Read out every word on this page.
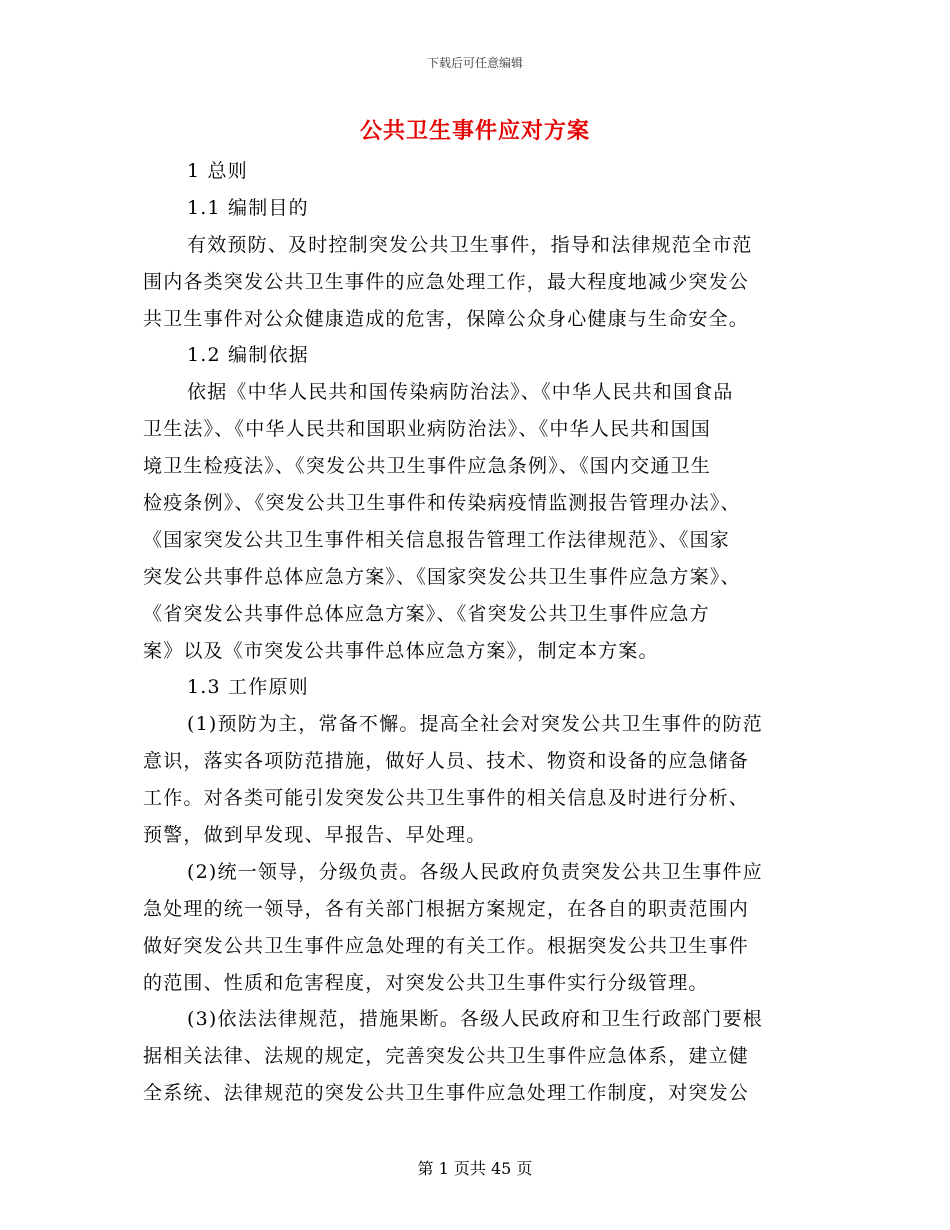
下载后可任意编辑
公共卫生事件应对方案
1 总则
1.1 编制目的
有效预防、及时控制突发公共卫生事件，指导和法律规范全市范
围内各类突发公共卫生事件的应急处理工作，最大程度地减少突发公
共卫生事件对公众健康造成的危害，保障公众身心健康与生命安全。
1.2 编制依据
依据《中华人民共和国传染病防治法》、《中华人民共和国食品
卫生法》、《中华人民共和国职业病防治法》、《中华人民共和国国
境卫生检疫法》、《突发公共卫生事件应急条例》、《国内交通卫生
检疫条例》、《突发公共卫生事件和传染病疫情监测报告管理办法》、
《国家突发公共卫生事件相关信息报告管理工作法律规范》、《国家
突发公共事件总体应急方案》、《国家突发公共卫生事件应急方案》、
《省突发公共事件总体应急方案》、《省突发公共卫生事件应急方
案》以及《市突发公共事件总体应急方案》，制定本方案。
1.3 工作原则
(1)预防为主，常备不懈。提高全社会对突发公共卫生事件的防范
意识，落实各项防范措施，做好人员、技术、物资和设备的应急储备
工作。对各类可能引发突发公共卫生事件的相关信息及时进行分析、
预警，做到早发现、早报告、早处理。
(2)统一领导，分级负责。各级人民政府负责突发公共卫生事件应
急处理的统一领导，各有关部门根据方案规定，在各自的职责范围内
做好突发公共卫生事件应急处理的有关工作。根据突发公共卫生事件
的范围、性质和危害程度，对突发公共卫生事件实行分级管理。
(3)依法法律规范，措施果断。各级人民政府和卫生行政部门要根
据相关法律、法规的规定，完善突发公共卫生事件应急体系，建立健
全系统、法律规范的突发公共卫生事件应急处理工作制度，对突发公
第 1 页共 45 页
